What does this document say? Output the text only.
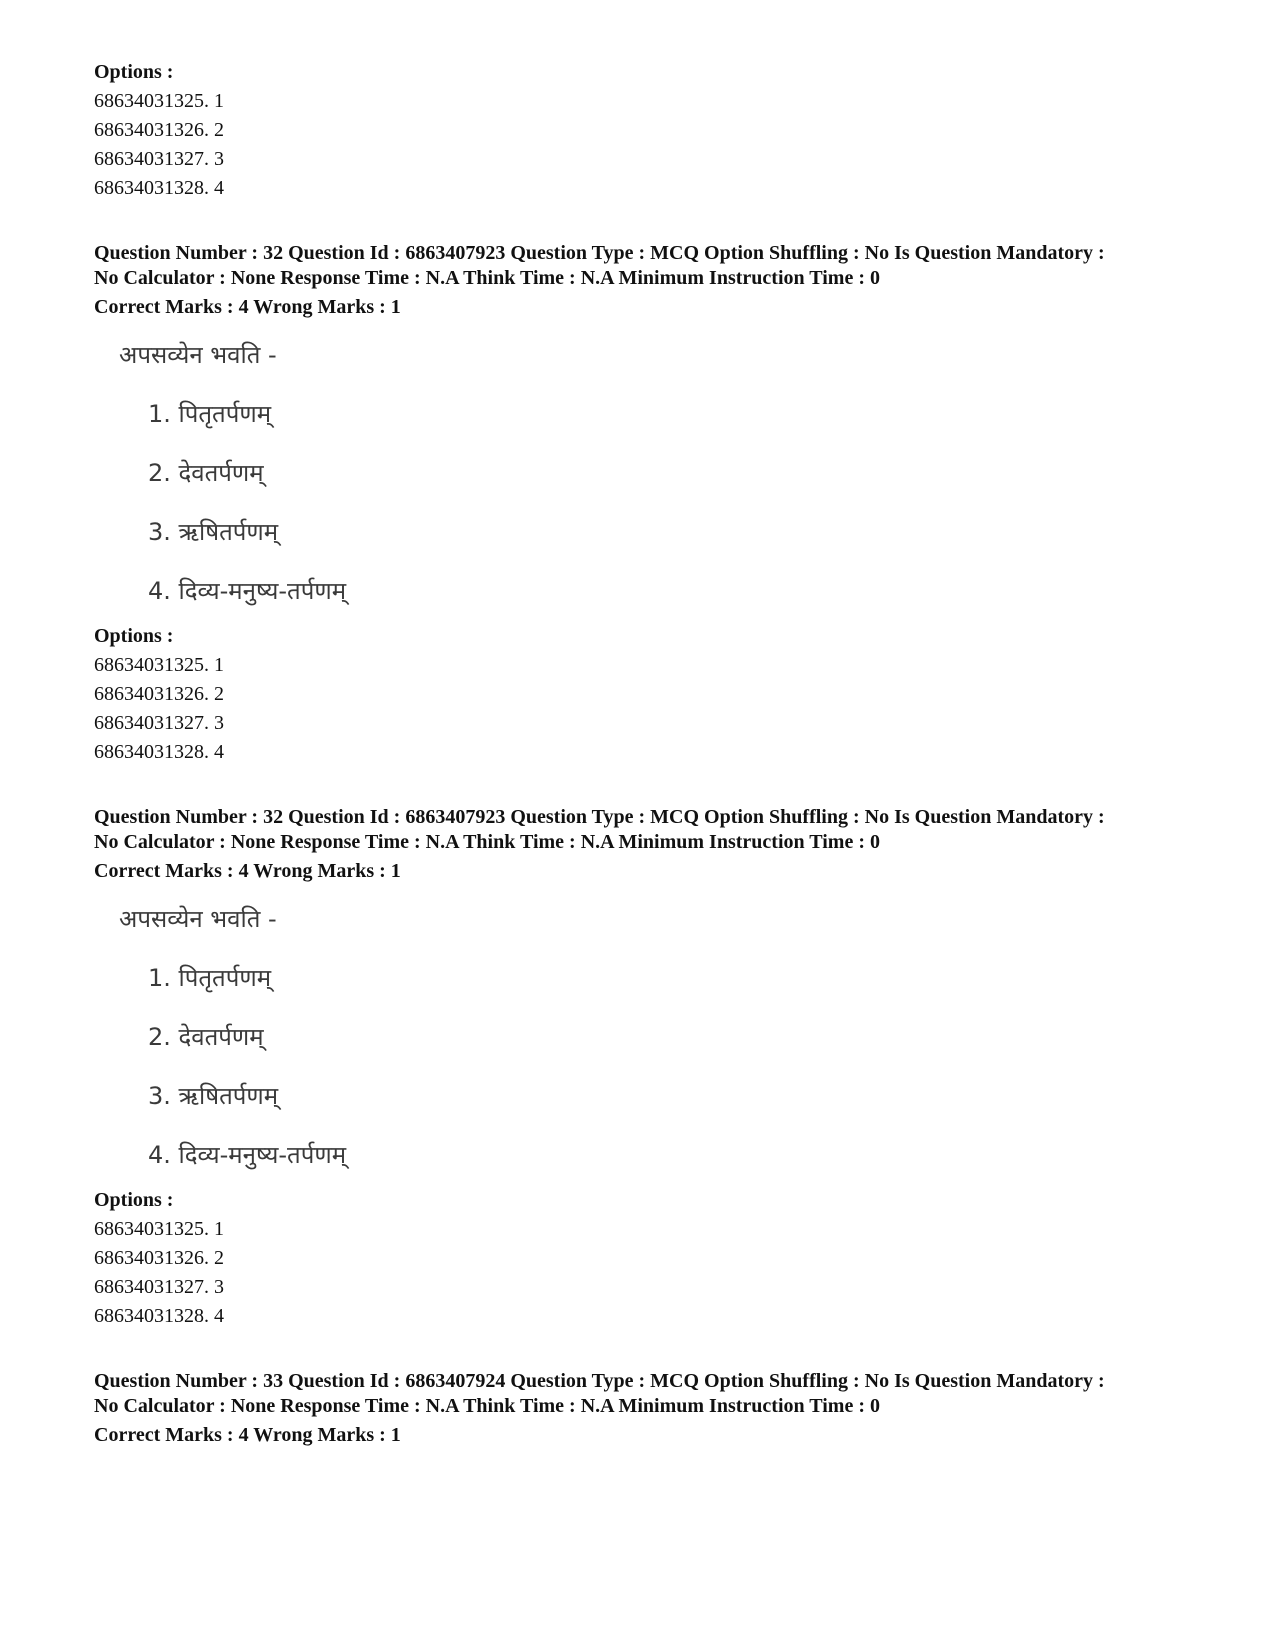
Options :
68634031325. 1
68634031326. 2
68634031327. 3
68634031328. 4
Question Number : 32 Question Id : 6863407923 Question Type : MCQ Option Shuffling : No Is Question Mandatory :
No Calculator : None Response Time : N.A Think Time : N.A Minimum Instruction Time : 0
Correct Marks : 4 Wrong Marks : 1
अपसव्येन भवति -
1. पितृतर्पणम्
2. देवतर्पणम्
3. ऋषितर्पणम्
4. दिव्य-मनुष्य-तर्पणम्
Options :
68634031325. 1
68634031326. 2
68634031327. 3
68634031328. 4
Question Number : 32 Question Id : 6863407923 Question Type : MCQ Option Shuffling : No Is Question Mandatory :
No Calculator : None Response Time : N.A Think Time : N.A Minimum Instruction Time : 0
Correct Marks : 4 Wrong Marks : 1
अपसव्येन भवति -
1. पितृतर्पणम्
2. देवतर्पणम्
3. ऋषितर्पणम्
4. दिव्य-मनुष्य-तर्पणम्
Options :
68634031325. 1
68634031326. 2
68634031327. 3
68634031328. 4
Question Number : 33 Question Id : 6863407924 Question Type : MCQ Option Shuffling : No Is Question Mandatory :
No Calculator : None Response Time : N.A Think Time : N.A Minimum Instruction Time : 0
Correct Marks : 4 Wrong Marks : 1
